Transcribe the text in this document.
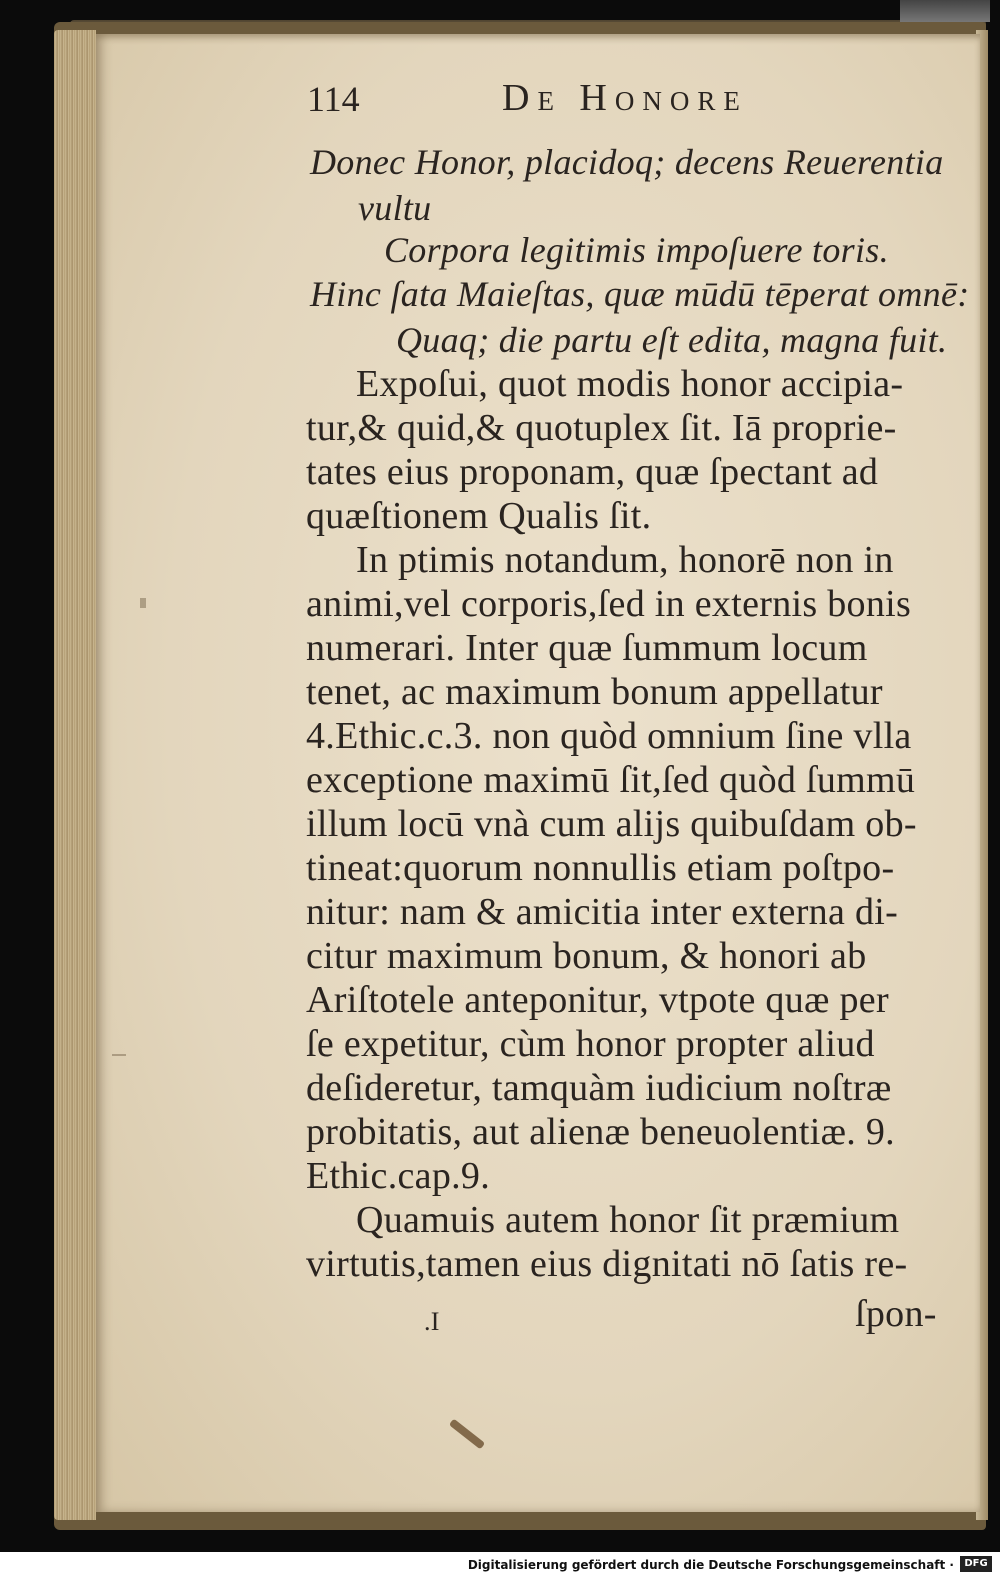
114	De Honore
Donec Honor, placidoq; decens Reuerentia
vultu
Corpora legitimis impoſuere toris.
Hinc ſata Maieſtas, quæ mūdū tēperat omnē:
Quaq; die partu eſt edita, magna fuit.
Expoſui, quot modis honor accipia-
tur,& quid,& quotuplex ſit. Iā proprie-
tates eius proponam, quæ ſpectant ad
quæſtionem Qualis ſit.
In ptimis notandum, honorē non in
animi,vel corporis,ſed in externis bonis
numerari. Inter quæ ſummum locum
tenet, ac maximum bonum appellatur
4.Ethic.c.3. non quòd omnium ſine vlla
exceptione maximū ſit,ſed quòd ſummū
illum locū vnà cum alijs quibuſdam ob-
tineat:quorum nonnullis etiam poſtpo-
nitur: nam & amicitia inter externa di-
citur maximum bonum, & honori ab
Ariſtotele anteponitur, vtpote quæ per
ſe expetitur, cùm honor propter aliud
deſideretur, tamquàm iudicium noſtræ
probitatis, aut alienæ beneuolentiæ. 9.
Ethic.cap.9.
Quamuis autem honor ſit præmium
virtutis,tamen eius dignitati nō ſatis re-
.I	ſpon-
Digitalisierung gefördert durch die Deutsche Forschungsgemeinschaft ·	DFG
